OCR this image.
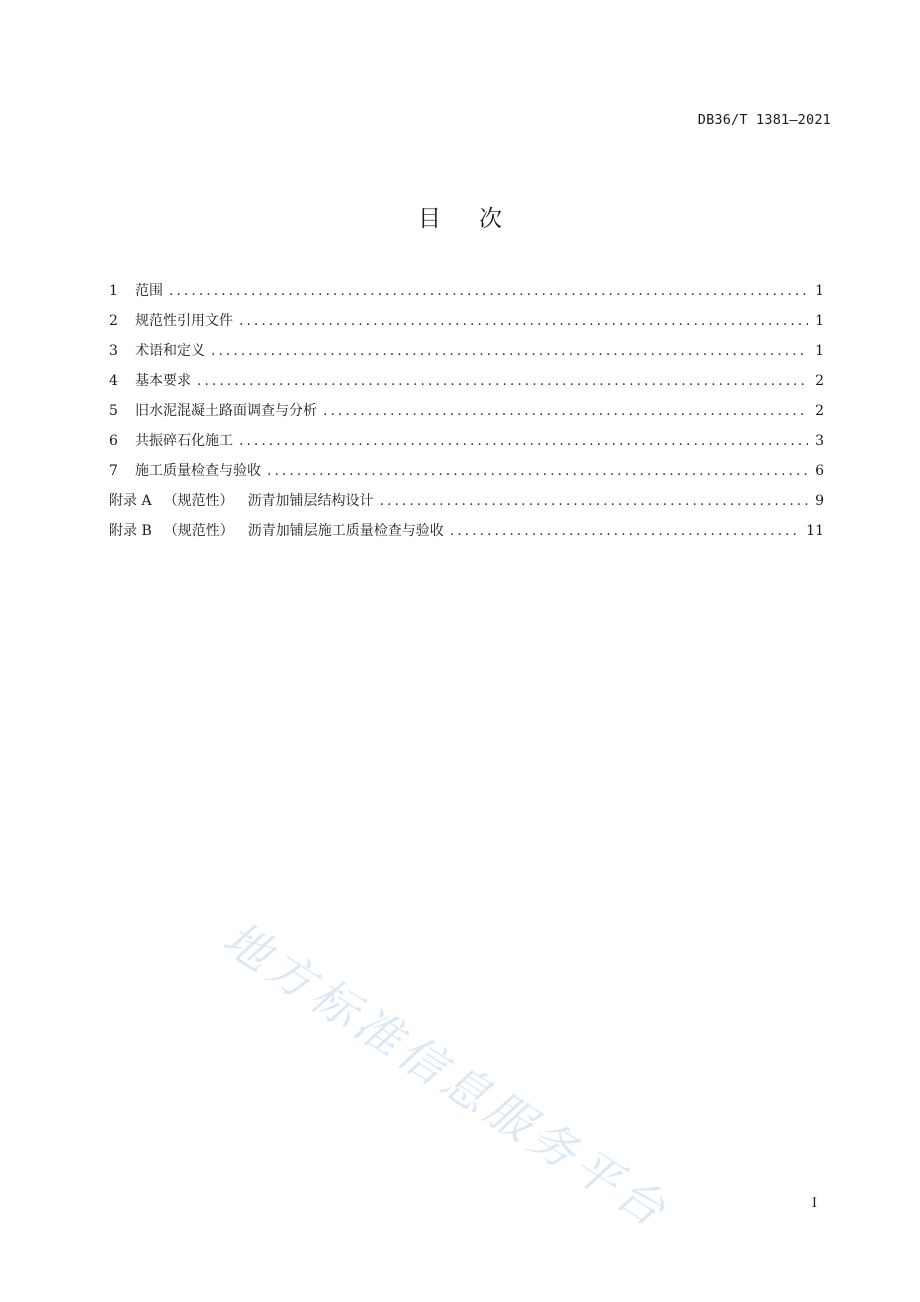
DB36/T 1381—2021
目 次
1	范围 .....	1
2	规范性引用文件 .....	1
3	术语和定义 .....	1
4	基本要求 .....	2
5	旧水泥混凝土路面调查与分析 .....	2
6	共振碎石化施工 .....	3
7	施工质量检查与验收 .....	6
附录 A （规范性） 沥青加铺层结构设计 .....	9
附录 B （规范性） 沥青加铺层施工质量检查与验收 .....	11
地方标准信息服务平台	I
